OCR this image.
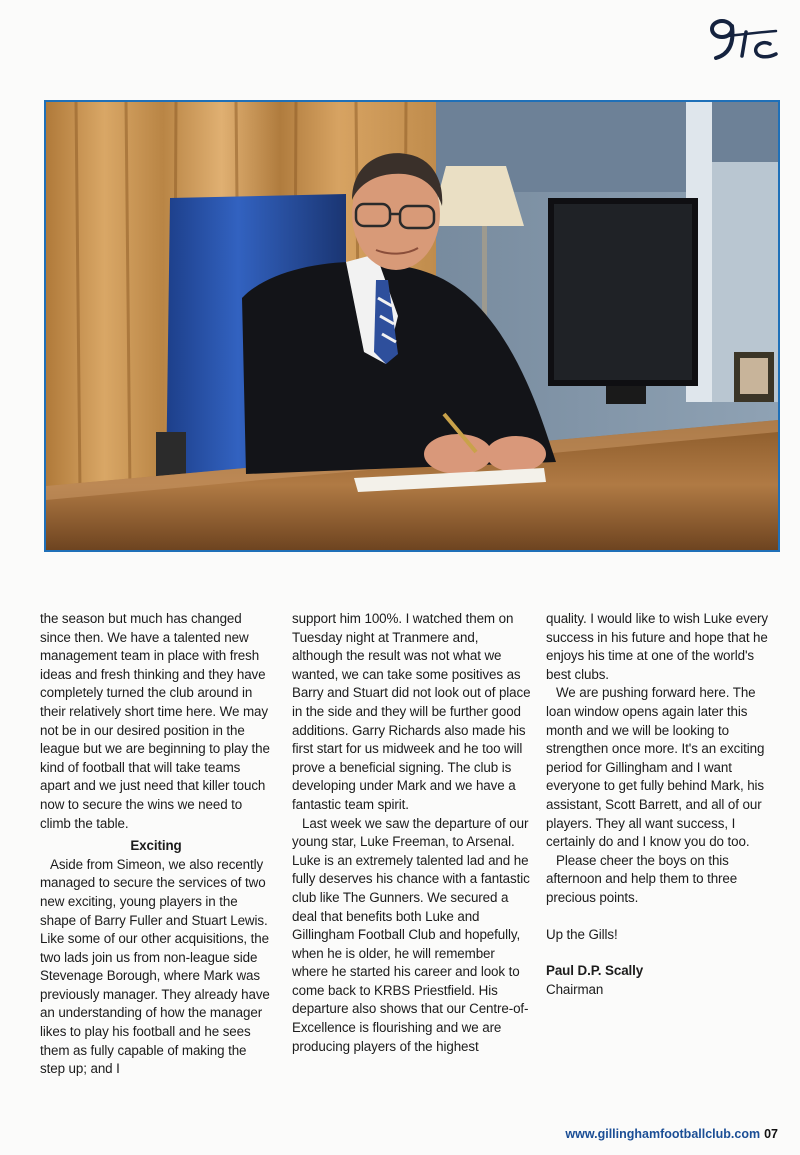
the season but much has changed since then. We have a talented new management team in place with fresh ideas and fresh thinking and they have completely turned the club around in their relatively short time here. We may not be in our desired position in the league but we are beginning to play the kind of football that will take teams apart and we just need that killer touch now to secure the wins we need to climb the table.

Exciting

Aside from Simeon, we also recently managed to secure the services of two new exciting, young players in the shape of Barry Fuller and Stuart Lewis. Like some of our other acquisitions, the two lads join us from non-league side Stevenage Borough, where Mark was previously manager. They already have an understanding of how the manager likes to play his football and he sees them as fully capable of making the step up; and I

support him 100%. I watched them on Tuesday night at Tranmere and, although the result was not what we wanted, we can take some positives as Barry and Stuart did not look out of place in the side and they will be further good additions. Garry Richards also made his first start for us midweek and he too will prove a beneficial signing. The club is developing under Mark and we have a fantastic team spirit.

Last week we saw the departure of our young star, Luke Freeman, to Arsenal. Luke is an extremely talented lad and he fully deserves his chance with a fantastic club like The Gunners. We secured a deal that benefits both Luke and Gillingham Football Club and hopefully, when he is older, he will remember where he started his career and look to come back to KRBS Priestfield. His departure also shows that our Centre-of-Excellence is flourishing and we are producing players of the highest

quality. I would like to wish Luke every success in his future and hope that he enjoys his time at one of the world's best clubs.

We are pushing forward here. The loan window opens again later this month and we will be looking to strengthen once more. It's an exciting period for Gillingham and I want everyone to get fully behind Mark, his assistant, Scott Barrett, and all of our players. They all want success, I certainly do and I know you do too.

Please cheer the boys on this afternoon and help them to three precious points.

Up the Gills!

Paul D.P. Scally

Chairman

www.gillinghamfootballclub.com 07
